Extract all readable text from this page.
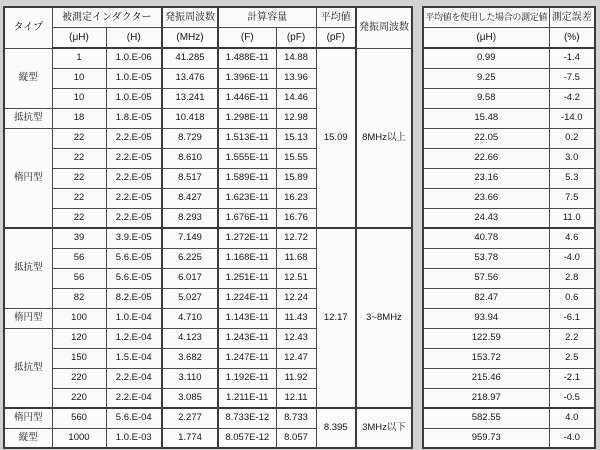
タイプ	被測定インダクター		発振周波数	計算容量		平均値	発振周波数
	(μH)	(H)	(MHz)	(F)	(pF)	(pF)	
縦型	1	1.0.E-06	41.285	1.488E-11	14.88	15.09	8MHz以上
	10	1.0.E-05	13.476	1.396E-11	13.96		
	10	1.0.E-05	13.241	1.446E-11	14.46		
抵抗型	18	1.8.E-05	10.418	1.298E-11	12.98		
楕円型	22	2.2.E-05	8.729	1.513E-11	15.13		
	22	2.2.E-05	8.610	1.555E-11	15.55		
	22	2.2.E-05	8.517	1.589E-11	15.89		
	22	2.2.E-05	8.427	1.623E-11	16.23		
	22	2.2.E-05	8.293	1.676E-11	16.76		
抵抗型	39	3.9.E-05	7.149	1.272E-11	12.72	12.17	3~8MHz
	56	5.6.E-05	6.225	1.168E-11	11.68		
	56	5.6.E-05	6.017	1.251E-11	12.51		
	82	8.2.E-05	5.027	1.224E-11	12.24		
楕円型	100	1.0.E-04	4.710	1.143E-11	11.43		
抵抗型	120	1.2.E-04	4.123	1.243E-11	12.43		
	150	1.5.E-04	3.682	1.247E-11	12.47		
	220	2.2.E-04	3.110	1.192E-11	11.92		
	220	2.2.E-04	3.085	1.211E-11	12.11		
楕円型	560	5.6.E-04	2.277	8.733E-12	8.733	8.395	3MHz以下
縦型	1000	1.0.E-03	1.774	8.057E-12	8.057		
平均値を使用した場合の測定値	測定誤差
(μH)	(%)
0.99	-1.4
9.25	-7.5
9.58	-4.2
15.48	-14.0
22.05	0.2
22.66	3.0
23.16	5.3
23.66	7.5
24.43	11.0
40.78	4.6
53.78	-4.0
57.56	2.8
82.47	0.6
93.94	-6.1
122.59	2.2
153.72	2.5
215.46	-2.1
218.97	-0.5
582.55	4.0
959.73	-4.0
